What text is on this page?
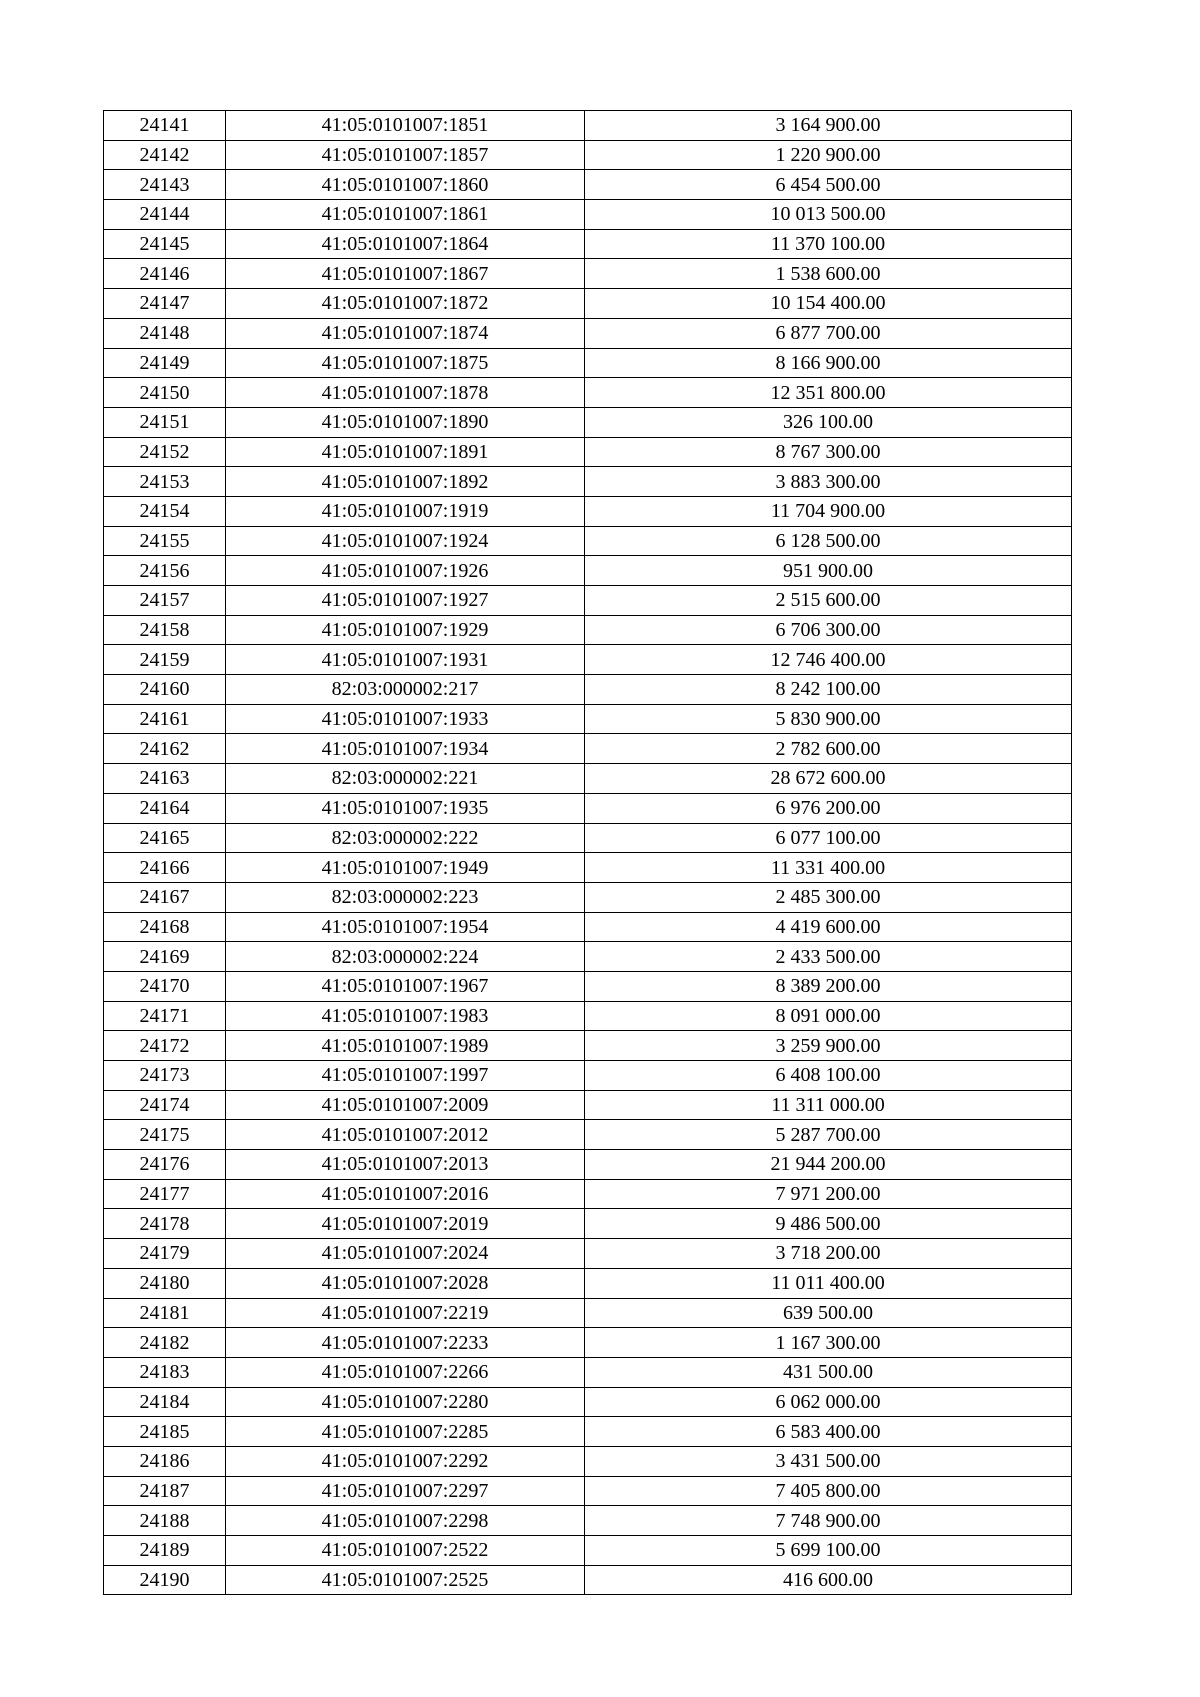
24141	41:05:0101007:1851	3 164 900.00
24142	41:05:0101007:1857	1 220 900.00
24143	41:05:0101007:1860	6 454 500.00
24144	41:05:0101007:1861	10 013 500.00
24145	41:05:0101007:1864	11 370 100.00
24146	41:05:0101007:1867	1 538 600.00
24147	41:05:0101007:1872	10 154 400.00
24148	41:05:0101007:1874	6 877 700.00
24149	41:05:0101007:1875	8 166 900.00
24150	41:05:0101007:1878	12 351 800.00
24151	41:05:0101007:1890	326 100.00
24152	41:05:0101007:1891	8 767 300.00
24153	41:05:0101007:1892	3 883 300.00
24154	41:05:0101007:1919	11 704 900.00
24155	41:05:0101007:1924	6 128 500.00
24156	41:05:0101007:1926	951 900.00
24157	41:05:0101007:1927	2 515 600.00
24158	41:05:0101007:1929	6 706 300.00
24159	41:05:0101007:1931	12 746 400.00
24160	82:03:000002:217	8 242 100.00
24161	41:05:0101007:1933	5 830 900.00
24162	41:05:0101007:1934	2 782 600.00
24163	82:03:000002:221	28 672 600.00
24164	41:05:0101007:1935	6 976 200.00
24165	82:03:000002:222	6 077 100.00
24166	41:05:0101007:1949	11 331 400.00
24167	82:03:000002:223	2 485 300.00
24168	41:05:0101007:1954	4 419 600.00
24169	82:03:000002:224	2 433 500.00
24170	41:05:0101007:1967	8 389 200.00
24171	41:05:0101007:1983	8 091 000.00
24172	41:05:0101007:1989	3 259 900.00
24173	41:05:0101007:1997	6 408 100.00
24174	41:05:0101007:2009	11 311 000.00
24175	41:05:0101007:2012	5 287 700.00
24176	41:05:0101007:2013	21 944 200.00
24177	41:05:0101007:2016	7 971 200.00
24178	41:05:0101007:2019	9 486 500.00
24179	41:05:0101007:2024	3 718 200.00
24180	41:05:0101007:2028	11 011 400.00
24181	41:05:0101007:2219	639 500.00
24182	41:05:0101007:2233	1 167 300.00
24183	41:05:0101007:2266	431 500.00
24184	41:05:0101007:2280	6 062 000.00
24185	41:05:0101007:2285	6 583 400.00
24186	41:05:0101007:2292	3 431 500.00
24187	41:05:0101007:2297	7 405 800.00
24188	41:05:0101007:2298	7 748 900.00
24189	41:05:0101007:2522	5 699 100.00
24190	41:05:0101007:2525	416 600.00
